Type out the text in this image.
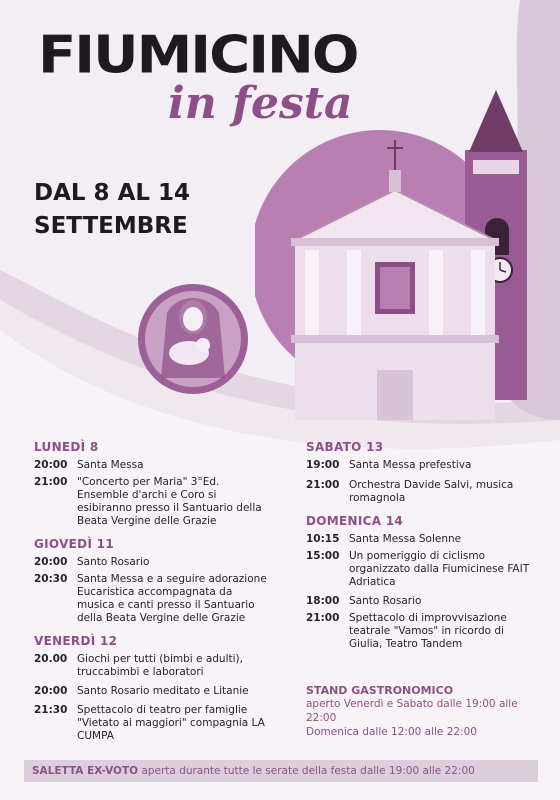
FIUMICINO
in festa
DAL 8 AL 14
SETTEMBRE
LUNEDÌ 8
20:00 Santa Messa
21:00 "Concerto per Maria" 3°Ed. Ensemble d'archi e Coro si esibiranno presso il Santuario della Beata Vergine delle Grazie
GIOVEDÌ 11
20:00 Santo Rosario
20:30 Santa Messa e a seguire adorazione Eucaristica accompagnata da musica e canti presso il Santuario della Beata Vergine delle Grazie
VENERDÌ 12
20.00 Giochi per tutti (bimbi e adulti), truccabimbi e laboratori
20:00 Santo Rosario meditato e Litanie
21:30 Spettacolo di teatro per famiglie "Vietato ai maggiori" compagnia LA CUMPA
SABATO 13
19:00 Santa Messa prefestiva
21:00 Orchestra Davide Salvi, musica romagnola
DOMENICA 14
10:15 Santa Messa Solenne
15:00 Un pomeriggio di ciclismo organizzato dalla Fiumicinese FAIT Adriatica
18:00 Santo Rosario
21:00 Spettacolo di improvvisazione teatrale "Vamos" in ricordo di Giulia, Teatro Tandem
STAND GASTRONOMICO
aperto Venerdì e Sabato dalle 19:00 alle 22:00
Domenica dalle 12:00 alle 22:00
SALETTA EX-VOTO aperta durante tutte le serate della festa dalle 19:00 alle 22:00
